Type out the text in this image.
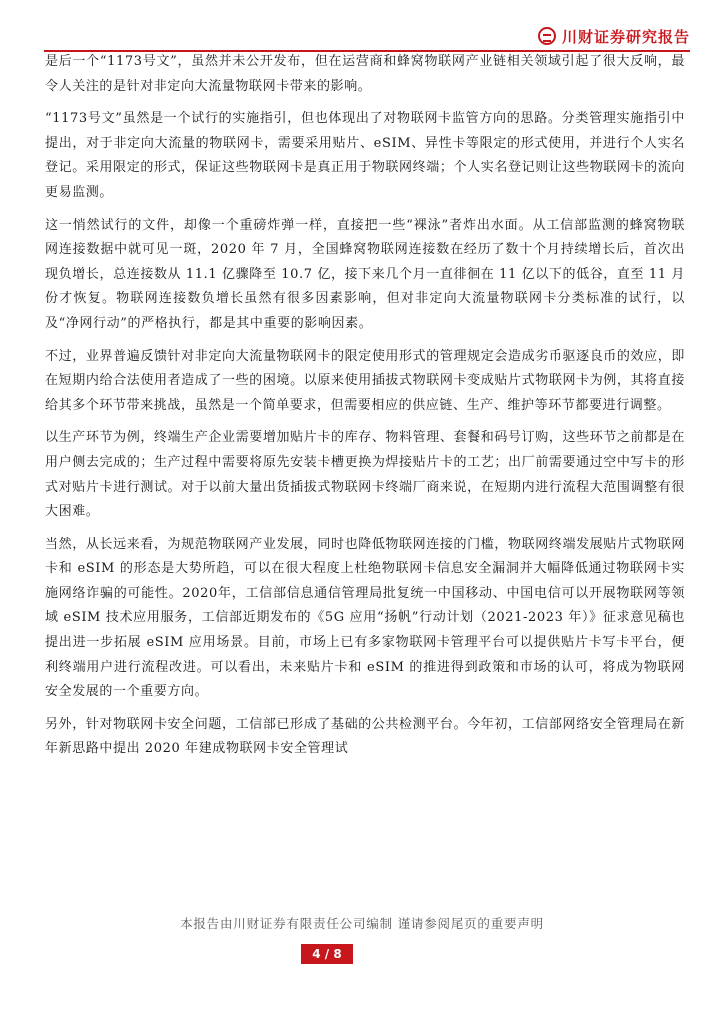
川财证券研究报告

是后一个“1173号文”，虽然并未公开发布，但在运营商和蜂窝物联网产业链相关领域引起了很大反响，最令人关注的是针对非定向大流量物联网卡带来的影响。

“1173号文”虽然是一个试行的实施指引，但也体现出了对物联网卡监管方向的思路。分类管理实施指引中提出，对于非定向大流量的物联网卡，需要采用贴片、eSIM、异性卡等限定的形式使用，并进行个人实名登记。采用限定的形式，保证这些物联网卡是真正用于物联网终端；个人实名登记则让这些物联网卡的流向更易监测。

这一悄然试行的文件，却像一个重磅炸弹一样，直接把一些“裸泳”者炸出水面。从工信部监测的蜂窝物联网连接数据中就可见一斑，2020 年 7 月，全国蜂窝物联网连接数在经历了数十个月持续增长后，首次出现负增长，总连接数从 11.1 亿骤降至 10.7 亿，接下来几个月一直徘徊在 11 亿以下的低谷，直至 11 月份才恢复。物联网连接数负增长虽然有很多因素影响，但对非定向大流量物联网卡分类标准的试行，以及“净网行动”的严格执行，都是其中重要的影响因素。

不过，业界普遍反馈针对非定向大流量物联网卡的限定使用形式的管理规定会造成劣币驱逐良币的效应，即在短期内给合法使用者造成了一些的困境。以原来使用插拔式物联网卡变成贴片式物联网卡为例，其将直接给其多个环节带来挑战，虽然是一个简单要求，但需要相应的供应链、生产、维护等环节都要进行调整。

以生产环节为例，终端生产企业需要增加贴片卡的库存、物料管理、套餐和码号订购，这些环节之前都是在用户侧去完成的；生产过程中需要将原先安装卡槽更换为焊接贴片卡的工艺；出厂前需要通过空中写卡的形式对贴片卡进行测试。对于以前大量出货插拔式物联网卡终端厂商来说，在短期内进行流程大范围调整有很大困难。

当然，从长远来看，为规范物联网产业发展，同时也降低物联网连接的门槛，物联网终端发展贴片式物联网卡和 eSIM 的形态是大势所趋，可以在很大程度上杜绝物联网卡信息安全漏洞并大幅降低通过物联网卡实施网络诈骗的可能性。2020年，工信部信息通信管理局批复统一中国移动、中国电信可以开展物联网等领域 eSIM 技术应用服务，工信部近期发布的《5G 应用“扬帆”行动计划（2021-2023 年）》征求意见稿也提出进一步拓展 eSIM 应用场景。目前，市场上已有多家物联网卡管理平台可以提供贴片卡写卡平台，便利终端用户进行流程改进。可以看出，未来贴片卡和 eSIM 的推进得到政策和市场的认可，将成为物联网安全发展的一个重要方向。

另外，针对物联网卡安全问题，工信部已形成了基础的公共检测平台。今年初，工信部网络安全管理局在新年新思路中提出 2020 年建成物联网卡安全管理试

本报告由川财证券有限责任公司编制 谨请参阅尾页的重要声明
4 / 8
